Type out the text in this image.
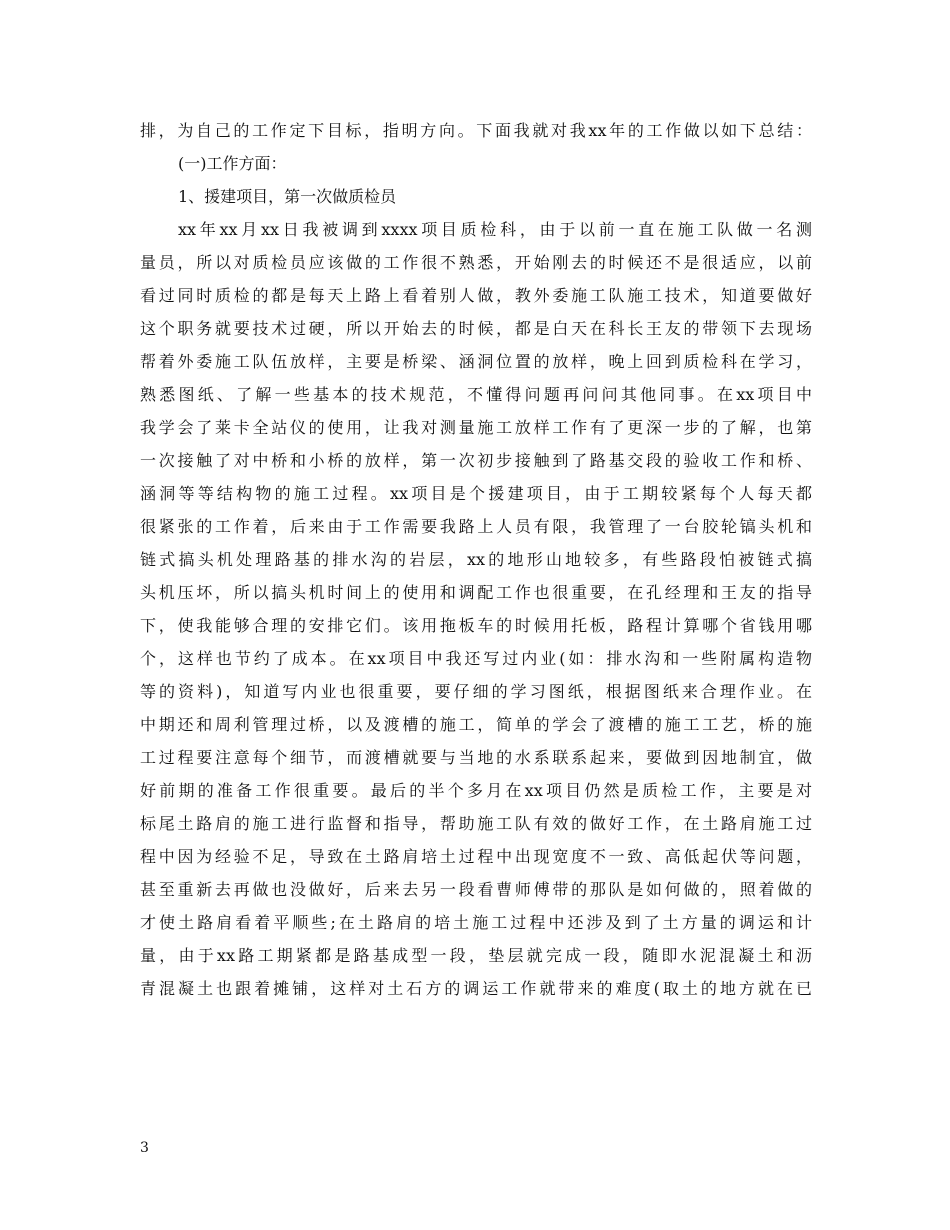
排，为自己的工作定下目标，指明方向。下面我就对我xx年的工作做以如下总结：
(一)工作方面：
1、援建项目，第一次做质检员
xx年xx月xx日我被调到xxxx项目质检科，由于以前一直在施工队做一名测
量员，所以对质检员应该做的工作很不熟悉，开始刚去的时候还不是很适应，以前
看过同时质检的都是每天上路上看着别人做，教外委施工队施工技术，知道要做好
这个职务就要技术过硬，所以开始去的时候，都是白天在科长王友的带领下去现场
帮着外委施工队伍放样，主要是桥梁、涵洞位置的放样，晚上回到质检科在学习，
熟悉图纸、了解一些基本的技术规范，不懂得问题再问问其他同事。在xx项目中
我学会了莱卡全站仪的使用，让我对测量施工放样工作有了更深一步的了解，也第
一次接触了对中桥和小桥的放样，第一次初步接触到了路基交段的验收工作和桥、
涵洞等等结构物的施工过程。xx项目是个援建项目，由于工期较紧每个人每天都
很紧张的工作着，后来由于工作需要我路上人员有限，我管理了一台胶轮镐头机和
链式搞头机处理路基的排水沟的岩层，xx的地形山地较多，有些路段怕被链式搞
头机压坏，所以搞头机时间上的使用和调配工作也很重要，在孔经理和王友的指导
下，使我能够合理的安排它们。该用拖板车的时候用托板，路程计算哪个省钱用哪
个，这样也节约了成本。在xx项目中我还写过内业(如：排水沟和一些附属构造物
等的资料)，知道写内业也很重要，要仔细的学习图纸，根据图纸来合理作业。在
中期还和周利管理过桥，以及渡槽的施工，简单的学会了渡槽的施工工艺，桥的施
工过程要注意每个细节，而渡槽就要与当地的水系联系起来，要做到因地制宜，做
好前期的准备工作很重要。最后的半个多月在xx项目仍然是质检工作，主要是对
标尾土路肩的施工进行监督和指导，帮助施工队有效的做好工作，在土路肩施工过
程中因为经验不足，导致在土路肩培土过程中出现宽度不一致、高低起伏等问题，
甚至重新去再做也没做好，后来去另一段看曹师傅带的那队是如何做的，照着做的
才使土路肩看着平顺些;在土路肩的培土施工过程中还涉及到了土方量的调运和计
量，由于xx路工期紧都是路基成型一段，垫层就完成一段，随即水泥混凝土和沥
青混凝土也跟着摊铺，这样对土石方的调运工作就带来的难度(取土的地方就在已
3
